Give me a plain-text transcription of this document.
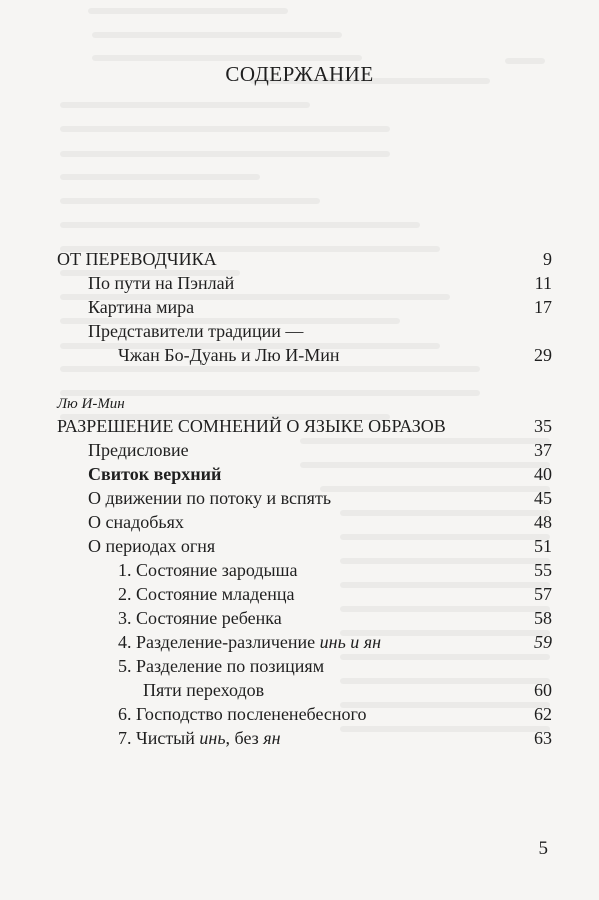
СОДЕРЖАНИЕ
ОТ ПЕРЕВОДЧИКА	9
По пути на Пэнлай	11
Картина мира	17
Представители традиции —
Чжан Бо-Дуань и Лю И-Мин	29
Лю И-Мин
РАЗРЕШЕНИЕ СОМНЕНИЙ О ЯЗЫКЕ ОБРАЗОВ	35
Предисловие	37
Свиток верхний	40
О движении по потоку и вспять	45
О снадобьях	48
О периодах огня	51
1. Состояние зародыша	55
2. Состояние младенца	57
3. Состояние ребенка	58
4. Разделение-различение инь и ян	59
5. Разделение по позициям
Пяти переходов	60
6. Господство послененебесного	62
7. Чистый инь, без ян	63
5
